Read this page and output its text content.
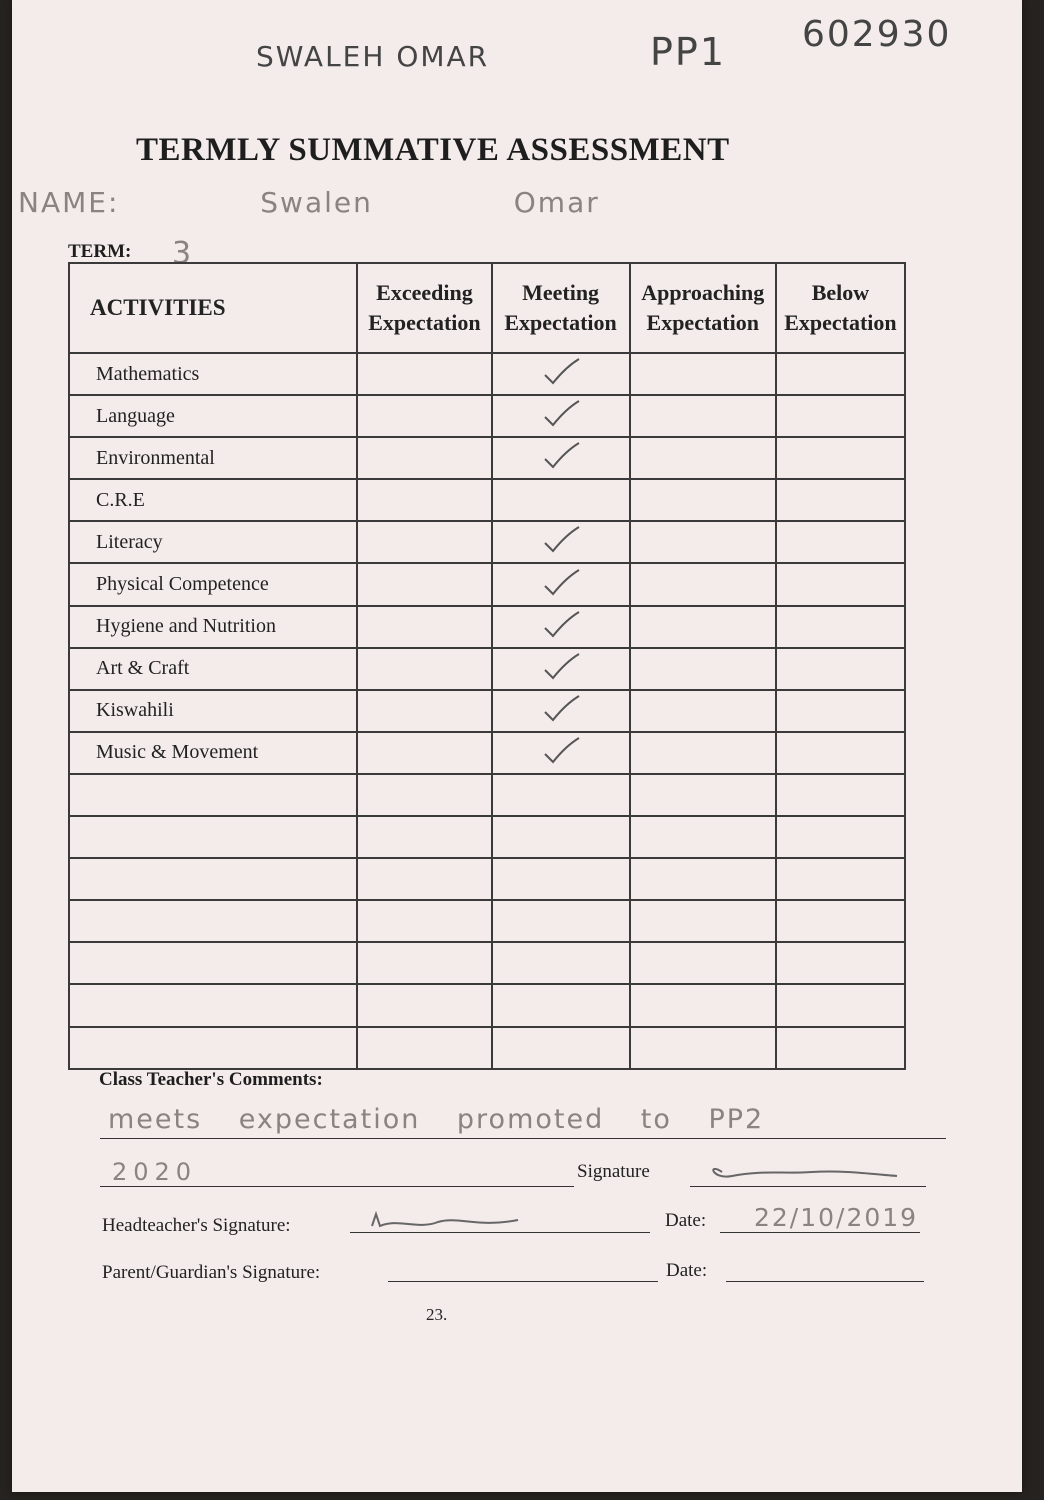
SWALEH OMAR	PP1 602930
TERMLY SUMMATIVE ASSESSMENT
NAME: Swalen Omar
TERM: 3
ACTIVITIES	Exceeding Expectation	Meeting Expectation	Approaching Expectation	Below Expectation
Mathematics				
Language				
Environmental				
C.R.E				
Literacy				
Physical Competence				
Hygiene and Nutrition				
Art & Craft				
Kiswahili				
Music & Movement				

Class Teacher's Comments:
meets expectation promoted to PP2
2020	Signature
Headteacher's Signature:	Date: 22/10/2019
Parent/Guardian's Signature:	Date:
23.
